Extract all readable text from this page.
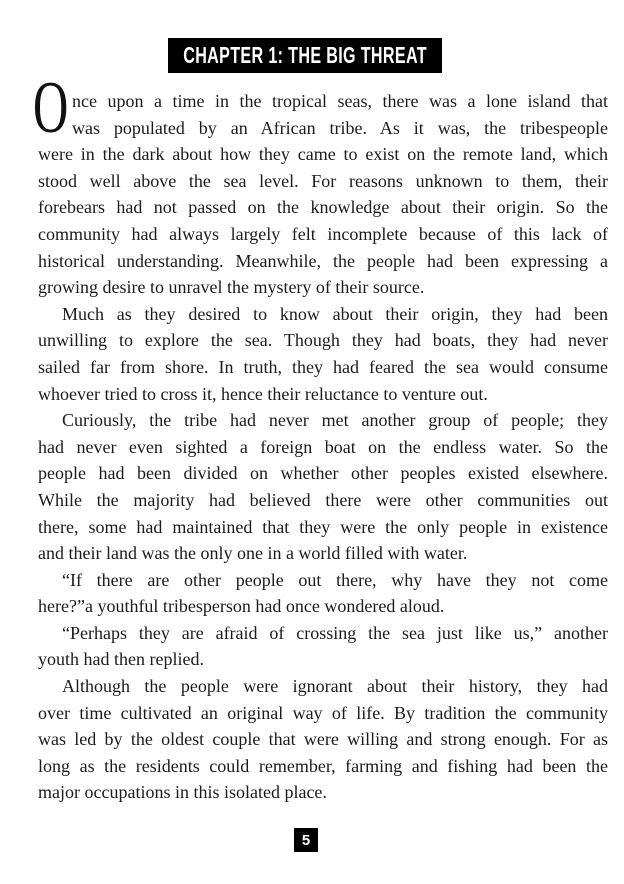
CHAPTER 1: THE BIG THREAT
O nce upon a time in the tropical seas, there was a lone island that
was populated by an African tribe. As it was, the tribespeople
were in the dark about how they came to exist on the remote land, which
stood well above the sea level. For reasons unknown to them, their
forebears had not passed on the knowledge about their origin. So the
community had always largely felt incomplete because of this lack of
historical understanding. Meanwhile, the people had been expressing a
growing desire to unravel the mystery of their source.
Much as they desired to know about their origin, they had been
unwilling to explore the sea. Though they had boats, they had never
sailed far from shore. In truth, they had feared the sea would consume
whoever tried to cross it, hence their reluctance to venture out.
Curiously, the tribe had never met another group of people; they
had never even sighted a foreign boat on the endless water. So the
people had been divided on whether other peoples existed elsewhere.
While the majority had believed there were other communities out
there, some had maintained that they were the only people in existence
and their land was the only one in a world filled with water.
“If there are other people out there, why have they not come
here?”a youthful tribesperson had once wondered aloud.
“Perhaps they are afraid of crossing the sea just like us,” another
youth had then replied.
Although the people were ignorant about their history, they had
over time cultivated an original way of life. By tradition the community
was led by the oldest couple that were willing and strong enough. For as
long as the residents could remember, farming and fishing had been the
major occupations in this isolated place.
5
